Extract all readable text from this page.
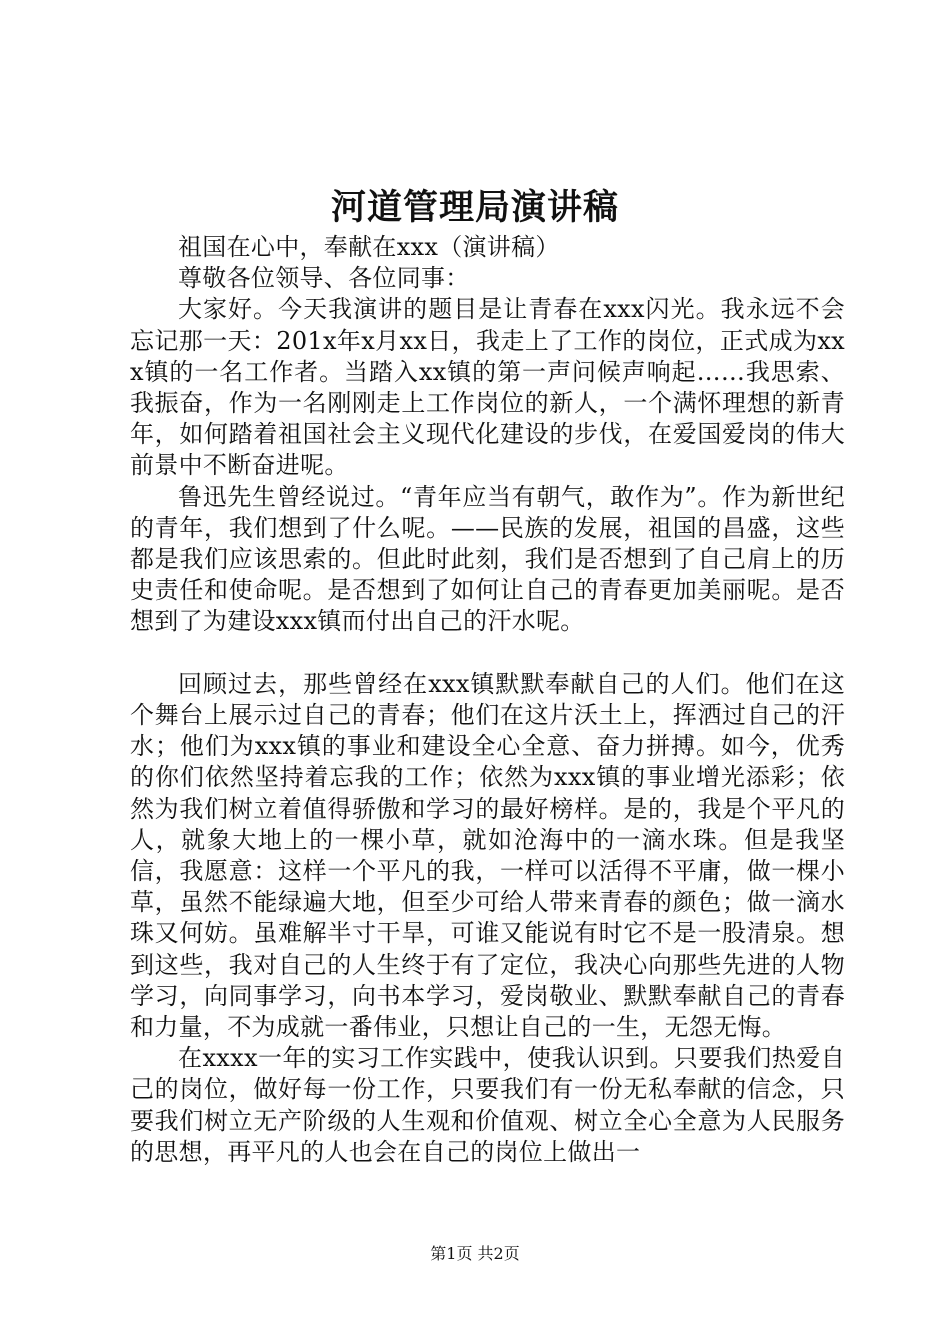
河道管理局演讲稿

祖国在心中，奉献在xxx（演讲稿）

尊敬各位领导、各位同事：

大家好。今天我演讲的题目是让青春在xxx闪光。我永远不会忘记那一天：201x年x月xx日，我走上了工作的岗位，正式成为xxx镇的一名工作者。当踏入xx镇的第一声问候声响起……我思索、我振奋，作为一名刚刚走上工作岗位的新人，一个满怀理想的新青年，如何踏着祖国社会主义现代化建设的步伐，在爱国爱岗的伟大前景中不断奋进呢。

鲁迅先生曾经说过。“青年应当有朝气，敢作为”。作为新世纪的青年，我们想到了什么呢。——民族的发展，祖国的昌盛，这些都是我们应该思索的。但此时此刻，我们是否想到了自己肩上的历史责任和使命呢。是否想到了如何让自己的青春更加美丽呢。是否想到了为建设xxx镇而付出自己的汗水呢。

回顾过去，那些曾经在xxx镇默默奉献自己的人们。他们在这个舞台上展示过自己的青春；他们在这片沃土上，挥洒过自己的汗水；他们为xxx镇的事业和建设全心全意、奋力拼搏。如今，优秀的你们依然坚持着忘我的工作；依然为xxx镇的事业增光添彩；依然为我们树立着值得骄傲和学习的最好榜样。是的，我是个平凡的人，就象大地上的一棵小草，就如沧海中的一滴水珠。但是我坚信，我愿意：这样一个平凡的我，一样可以活得不平庸，做一棵小草，虽然不能绿遍大地，但至少可给人带来青春的颜色；做一滴水珠又何妨。虽难解半寸干旱，可谁又能说有时它不是一股清泉。想到这些，我对自己的人生终于有了定位，我决心向那些先进的人物学习，向同事学习，向书本学习，爱岗敬业、默默奉献自己的青春和力量，不为成就一番伟业，只想让自己的一生，无怨无悔。

在xxxx一年的实习工作实践中，使我认识到。只要我们热爱自己的岗位，做好每一份工作，只要我们有一份无私奉献的信念，只要我们树立无产阶级的人生观和价值观、树立全心全意为人民服务的思想，再平凡的人也会在自己的岗位上做出一

第1页 共2页
